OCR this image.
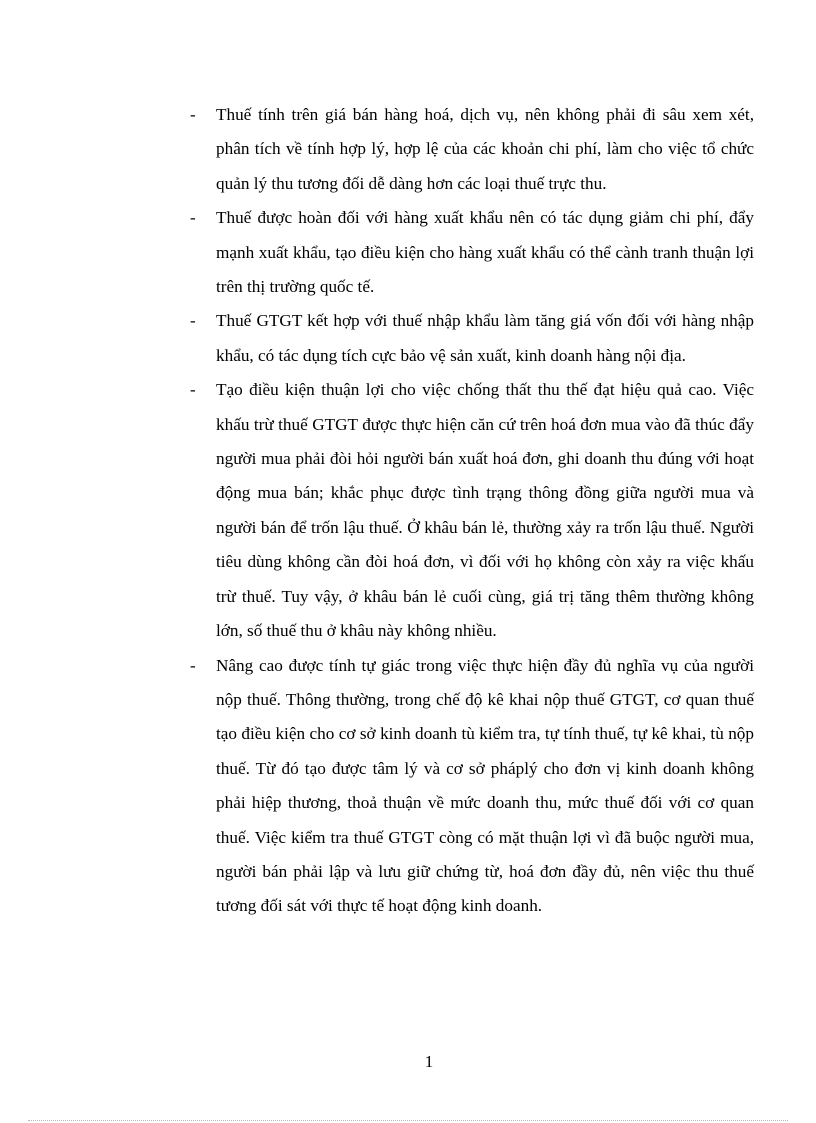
- Thuế tính trên giá bán hàng hoá, dịch vụ, nên không phải đi sâu xem xét, phân tích về tính hợp lý, hợp lệ của các khoản chi phí, làm cho việc tổ chức quản lý thu tương đối dễ dàng hơn các loại thuế trực thu.
- Thuế được hoàn đối với hàng xuất khẩu nên có tác dụng giảm chi phí, đẩy mạnh xuất khẩu, tạo điều kiện cho hàng xuất khẩu có thể cành tranh thuận lợi trên thị trường quốc tế.
- Thuế GTGT kết hợp với thuế nhập khẩu làm tăng giá vốn đối với hàng nhập khẩu, có tác dụng tích cực bảo vệ sản xuất, kinh doanh hàng nội địa.
- Tạo điều kiện thuận lợi cho việc chống thất thu thế đạt hiệu quả cao. Việc khấu trừ thuế GTGT được thực hiện căn cứ trên hoá đơn mua vào đã thúc đẩy người mua phải đòi hỏi người bán xuất hoá đơn, ghi doanh thu đúng với hoạt động mua bán; khắc phục được tình trạng thông đồng giữa người mua và người bán để trốn lậu thuế. Ở khâu bán lẻ, thường xảy ra trốn lậu thuế. Người tiêu dùng không cần đòi hoá đơn, vì đối với họ không còn xảy ra việc khấu trừ thuế. Tuy vậy, ở khâu bán lẻ cuối cùng, giá trị tăng thêm thường không lớn, số thuế thu ở khâu này không nhiều.
- Nâng cao được tính tự giác trong việc thực hiện đầy đủ nghĩa vụ của người nộp thuế. Thông thường, trong chế độ kê khai nộp thuế GTGT, cơ quan thuế tạo điều kiện cho cơ sở kinh doanh tù kiểm tra, tự tính thuế, tự kê khai, tù nộp thuế. Từ đó tạo được tâm lý và cơ sở pháplý cho đơn vị kinh doanh không phải hiệp thương, thoả thuận về mức doanh thu, mức thuế đối với cơ quan thuế. Việc kiểm tra thuế GTGT còng có mặt thuận lợi vì đã buộc người mua, người bán phải lập và lưu giữ chứng từ, hoá đơn đầy đủ, nên việc thu thuế tương đối sát với thực tế hoạt động kinh doanh.
1
